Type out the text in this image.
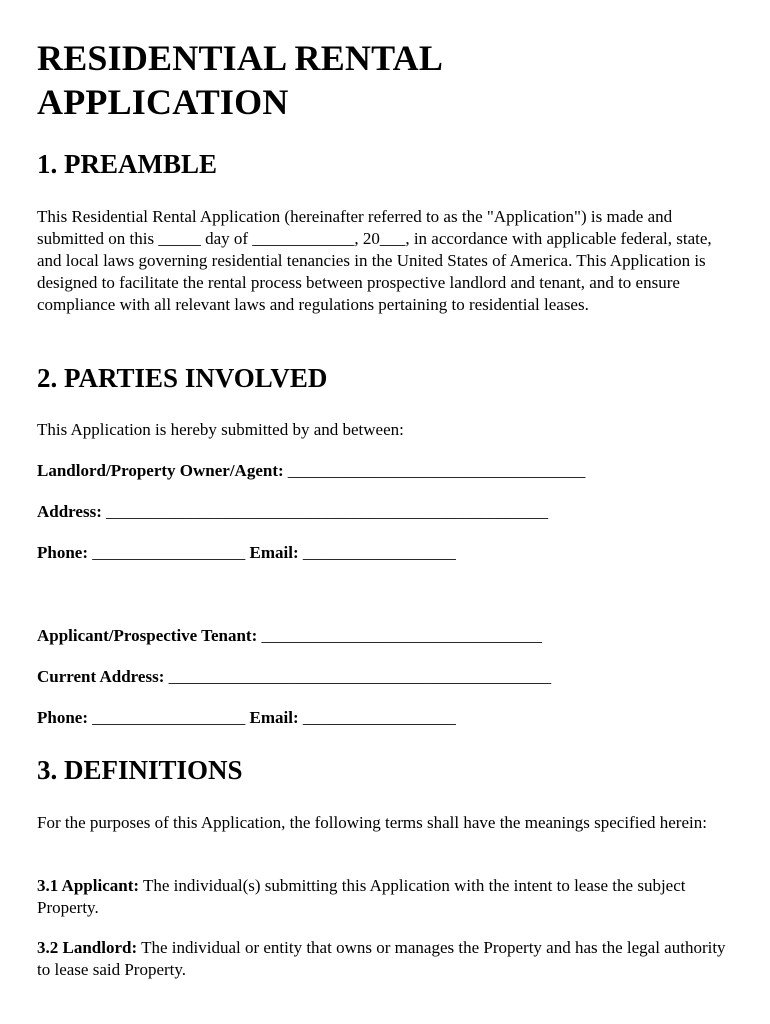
RESIDENTIAL RENTAL
APPLICATION
1. PREAMBLE

This Residential Rental Application (hereinafter referred to as the "Application") is made and submitted on this _____ day of ____________, 20___, in accordance with applicable federal, state, and local laws governing residential tenancies in the United States of America. This Application is designed to facilitate the rental process between prospective landlord and tenant, and to ensure compliance with all relevant laws and regulations pertaining to residential leases.

2. PARTIES INVOLVED

This Application is hereby submitted by and between:

Landlord/Property Owner/Agent: ___________________________________

Address: ____________________________________________________

Phone: __________________ Email: __________________

Applicant/Prospective Tenant: _________________________________

Current Address: _____________________________________________

Phone: __________________ Email: __________________

3. DEFINITIONS

For the purposes of this Application, the following terms shall have the meanings specified herein:

3.1 Applicant: The individual(s) submitting this Application with the intent to lease the subject Property.

3.2 Landlord: The individual or entity that owns or manages the Property and has the legal authority to lease said Property.
